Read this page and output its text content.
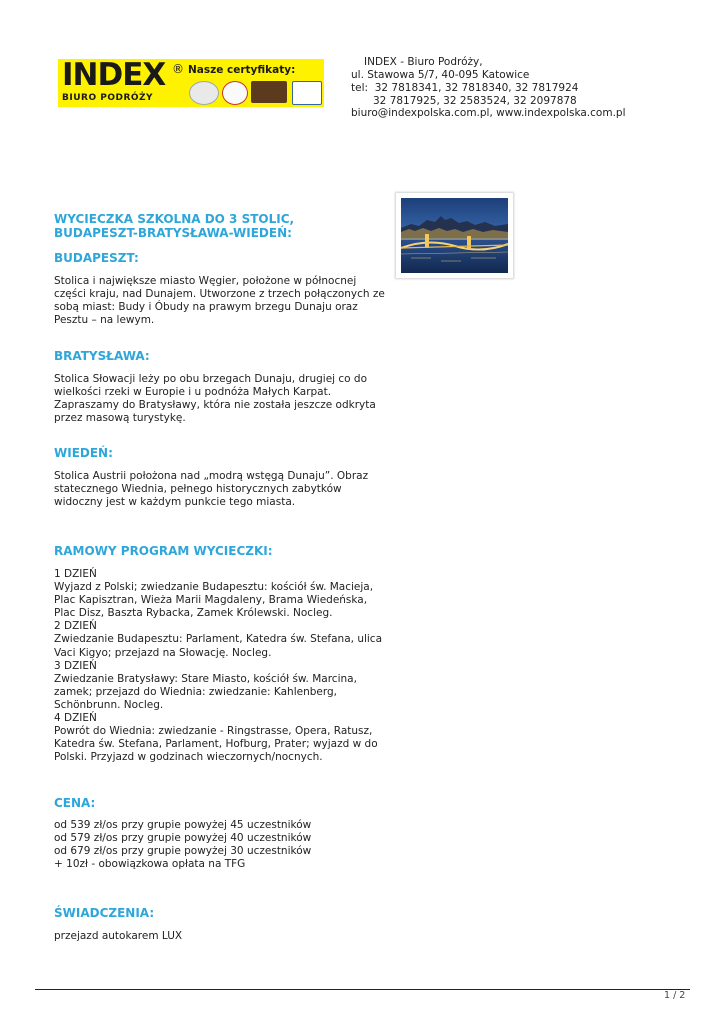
INDEX
BIURO PODRÓŻY
® Nasze certyfikaty:
INDEX - Biuro Podróży,
ul. Stawowa 5/7, 40-095 Katowice
tel:  32 7818341, 32 7818340, 32 7817924
32 7817925, 32 2583524, 32 2097878
biuro@indexpolska.com.pl, www.indexpolska.com.pl
WYCIECZKA SZKOLNA DO 3 STOLIC,
BUDAPESZT-BRATYSŁAWA-WIEDEŃ:
BUDAPESZT:
Stolica i największe miasto Węgier, położone w północnej
części kraju, nad Dunajem. Utworzone z trzech połączonych ze
sobą miast: Budy i Óbudy na prawym brzegu Dunaju oraz
Pesztu – na lewym.
BRATYSŁAWA:
Stolica Słowacji leży po obu brzegach Dunaju, drugiej co do
wielkości rzeki w Europie i u podnóża Małych Karpat.
Zapraszamy do Bratysławy, która nie została jeszcze odkryta
przez masową turystykę.
WIEDEŃ:
Stolica Austrii położona nad „modrą wstęgą Dunaju”. Obraz
statecznego Wiednia, pełnego historycznych zabytków
widoczny jest w każdym punkcie tego miasta.
RAMOWY PROGRAM WYCIECZKI:
1 DZIEŃ
Wyjazd z Polski; zwiedzanie Budapesztu: kościół św. Macieja,
Plac Kapisztran, Wieża Marii Magdaleny, Brama Wiedeńska,
Plac Disz, Baszta Rybacka, Zamek Królewski. Nocleg.
2 DZIEŃ
Zwiedzanie Budapesztu: Parlament, Katedra św. Stefana, ulica
Vaci Kigyo; przejazd na Słowację. Nocleg.
3 DZIEŃ
Zwiedzanie Bratysławy: Stare Miasto, kościół św. Marcina,
zamek; przejazd do Wiednia: zwiedzanie: Kahlenberg,
Schönbrunn. Nocleg.
4 DZIEŃ
Powrót do Wiednia: zwiedzanie - Ringstrasse, Opera, Ratusz,
Katedra św. Stefana, Parlament, Hofburg, Prater; wyjazd w do
Polski. Przyjazd w godzinach wieczornych/nocnych.
CENA:
od 539 zł/os przy grupie powyżej 45 uczestników
od 579 zł/os przy grupie powyżej 40 uczestników
od 679 zł/os przy grupie powyżej 30 uczestników
+ 10zł - obowiązkowa opłata na TFG
ŚWIADCZENIA:
przejazd autokarem LUX
1 / 2
